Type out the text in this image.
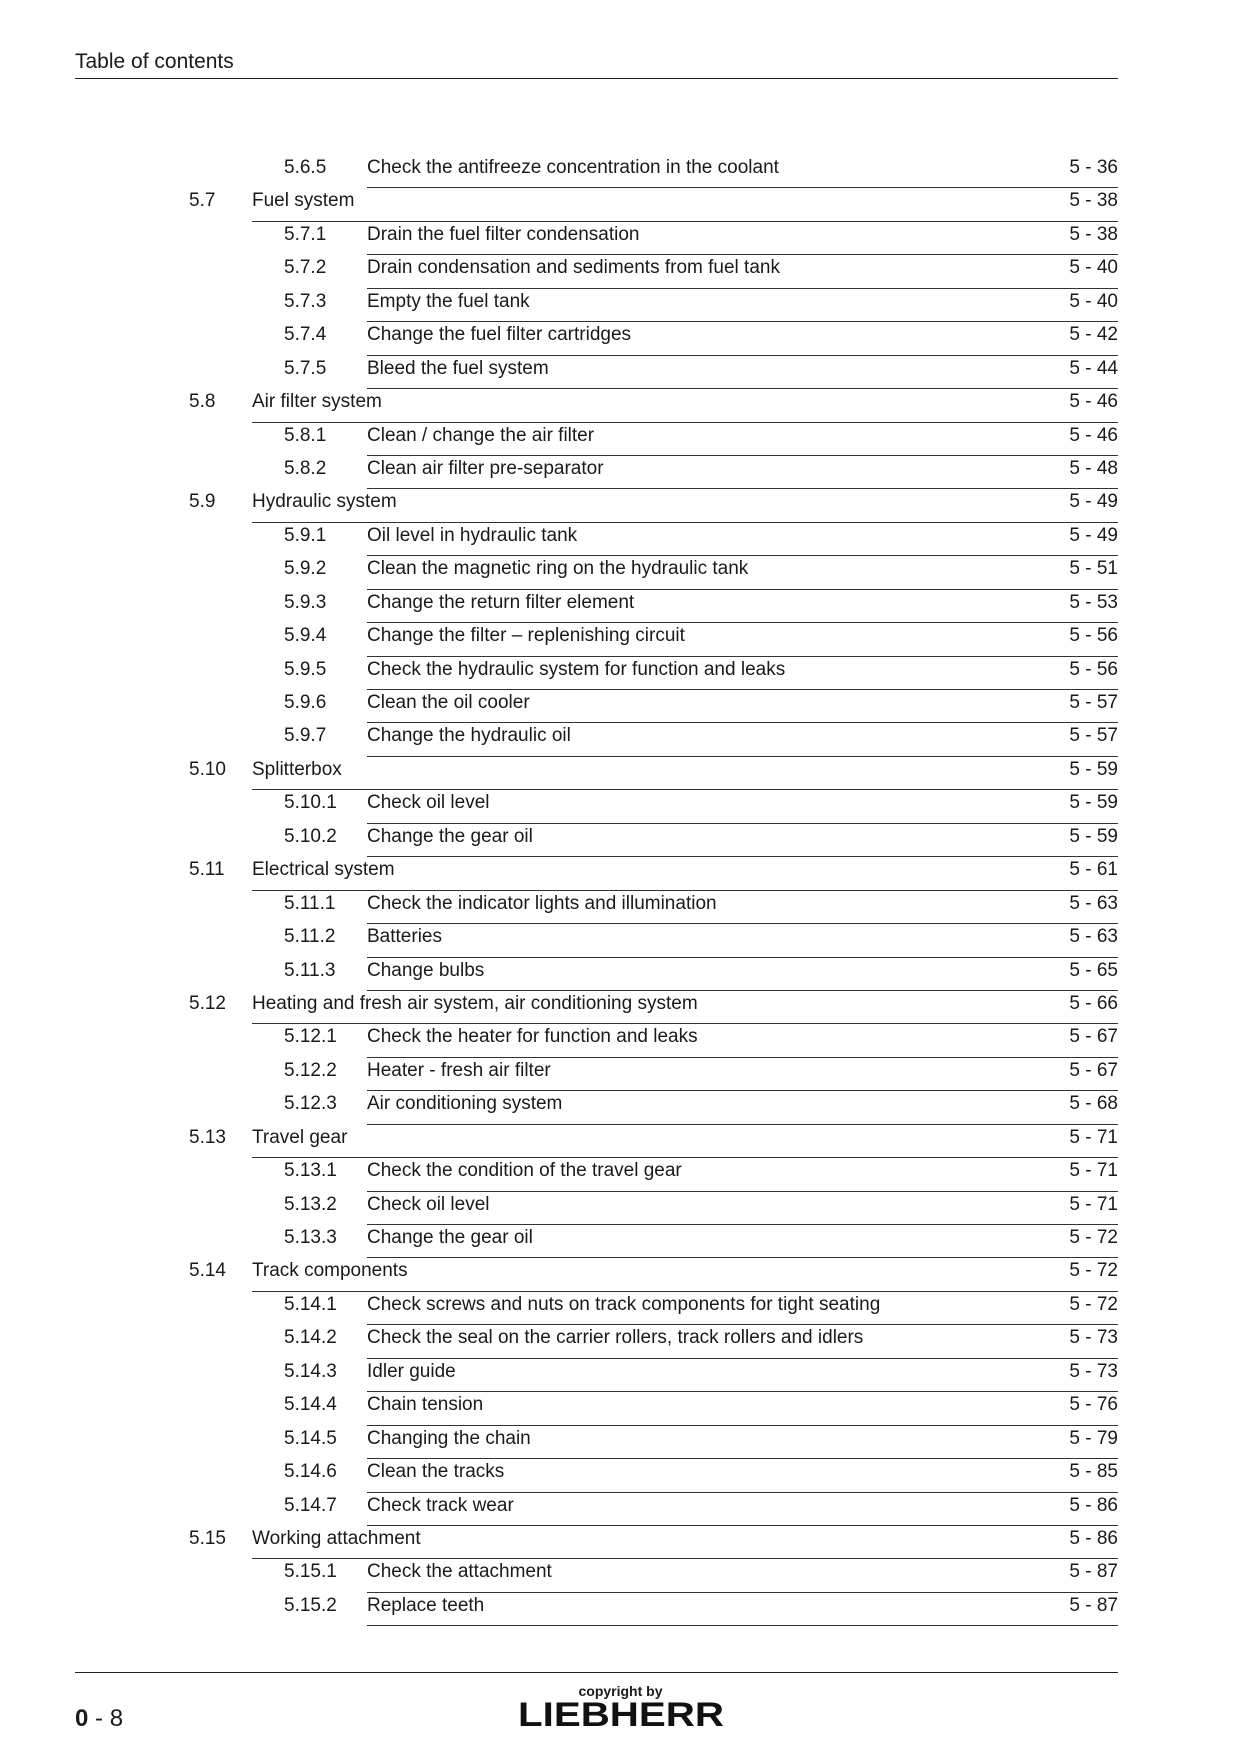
Table of contents
5.6.5 Check the antifreeze concentration in the coolant	5 - 36
5.7 Fuel system	5 - 38
5.7.1 Drain the fuel filter condensation	5 - 38
5.7.2 Drain condensation and sediments from fuel tank	5 - 40
5.7.3 Empty the fuel tank	5 - 40
5.7.4 Change the fuel filter cartridges	5 - 42
5.7.5 Bleed the fuel system	5 - 44
5.8 Air filter system	5 - 46
5.8.1 Clean / change the air filter	5 - 46
5.8.2 Clean air filter pre-separator	5 - 48
5.9 Hydraulic system	5 - 49
5.9.1 Oil level in hydraulic tank	5 - 49
5.9.2 Clean the magnetic ring on the hydraulic tank	5 - 51
5.9.3 Change the return filter element	5 - 53
5.9.4 Change the filter – replenishing circuit	5 - 56
5.9.5 Check the hydraulic system for function and leaks	5 - 56
5.9.6 Clean the oil cooler	5 - 57
5.9.7 Change the hydraulic oil	5 - 57
5.10 Splitterbox	5 - 59
5.10.1 Check oil level	5 - 59
5.10.2 Change the gear oil	5 - 59
5.11 Electrical system	5 - 61
5.11.1 Check the indicator lights and illumination	5 - 63
5.11.2 Batteries	5 - 63
5.11.3 Change bulbs	5 - 65
5.12 Heating and fresh air system, air conditioning system	5 - 66
5.12.1 Check the heater for function and leaks	5 - 67
5.12.2 Heater - fresh air filter	5 - 67
5.12.3 Air conditioning system	5 - 68
5.13 Travel gear	5 - 71
5.13.1 Check the condition of the travel gear	5 - 71
5.13.2 Check oil level	5 - 71
5.13.3 Change the gear oil	5 - 72
5.14 Track components	5 - 72
5.14.1 Check screws and nuts on track components for tight seating	5 - 72
5.14.2 Check the seal on the carrier rollers, track rollers and idlers	5 - 73
5.14.3 Idler guide	5 - 73
5.14.4 Chain tension	5 - 76
5.14.5 Changing the chain	5 - 79
5.14.6 Clean the tracks	5 - 85
5.14.7 Check track wear	5 - 86
5.15 Working attachment	5 - 86
5.15.1 Check the attachment	5 - 87
5.15.2 Replace teeth	5 - 87
0 - 8
copyright by
LIEBHERR
